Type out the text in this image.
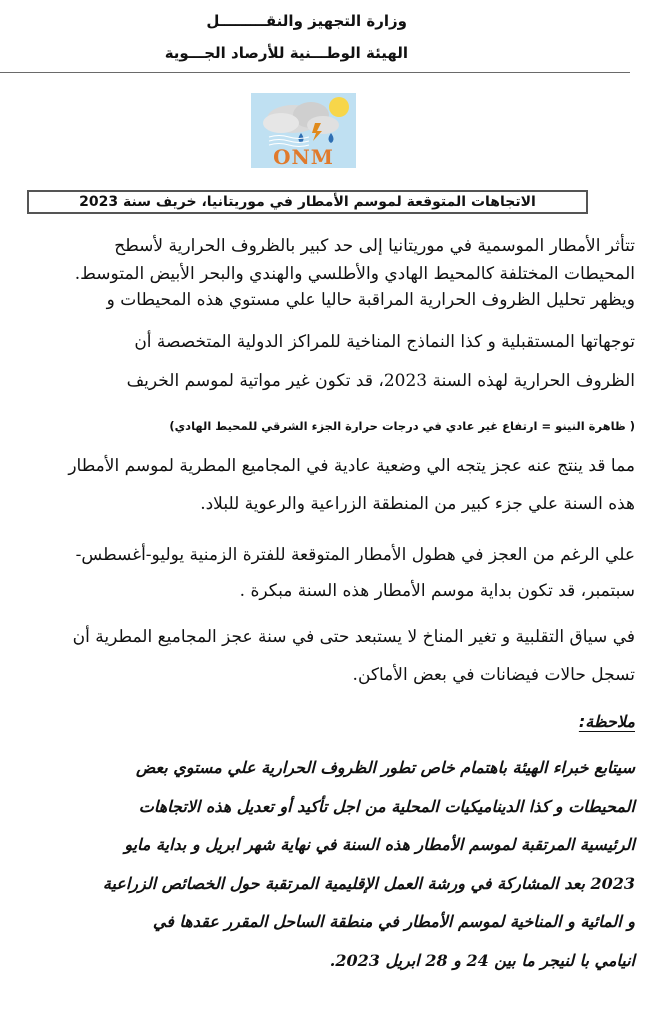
وزارة التجهيز والنقـــــــــل
الهيئة الوطـــنية للأرصاد الجـــوية
ONM
الاتجاهات المتوقعة لموسم الأمطار في موريتانيا، خريف سنة 2023
تتأثر الأمطار الموسمية في موريتانيا إلى حد كبير بالظروف الحرارية لأسطح
المحيطات المختلفة كالمحيط الهادي والأطلسي والهندي والبحر الأبيض المتوسط.
ويظهر تحليل الظروف الحرارية المراقبة حاليا علي مستوي هذه المحيطات و
توجهاتها المستقبلية و كذا النماذج المناخية للمراكز الدولية المتخصصة أن
الظروف الحرارية لهذه السنة 2023، قد تكون غير مواتية لموسم الخريف
( ظاهرة النينو = ارتفاع غير عادي في درجات حرارة الجزء الشرقي للمحيط الهادي)
مما قد ينتج عنه عجز يتجه الي وضعية عادية في المجاميع المطرية لموسم الأمطار
هذه السنة علي جزء كبير من المنطقة الزراعية والرعوية للبلاد.
علي الرغم من العجز في هطول الأمطار المتوقعة للفترة الزمنية يوليو-أغسطس-
سبتمبر، قد تكون بداية موسم الأمطار هذه السنة مبكرة .
في سياق التقلبية و تغير المناخ لا يستبعد حتى في سنة عجز المجاميع المطرية أن
تسجل حالات فيضانات في بعض الأماكن.
ملاحظة:
سيتابع خبراء الهيئة باهتمام خاص تطور الظروف الحرارية علي مستوي بعض
المحيطات و كذا الديناميكيات المحلية من اجل تأكيد أو تعديل هذه الاتجاهات
الرئيسية المرتقبة لموسم الأمطار هذه السنة في نهاية شهر ابريل و بداية مايو
2023 بعد المشاركة في ورشة العمل الإقليمية المرتقبة حول الخصائص الزراعية
و المائية و المناخية لموسم الأمطار في منطقة الساحل المقرر عقدها في
انيامي با لنيجر ما بين 24 و 28 ابريل 2023.
